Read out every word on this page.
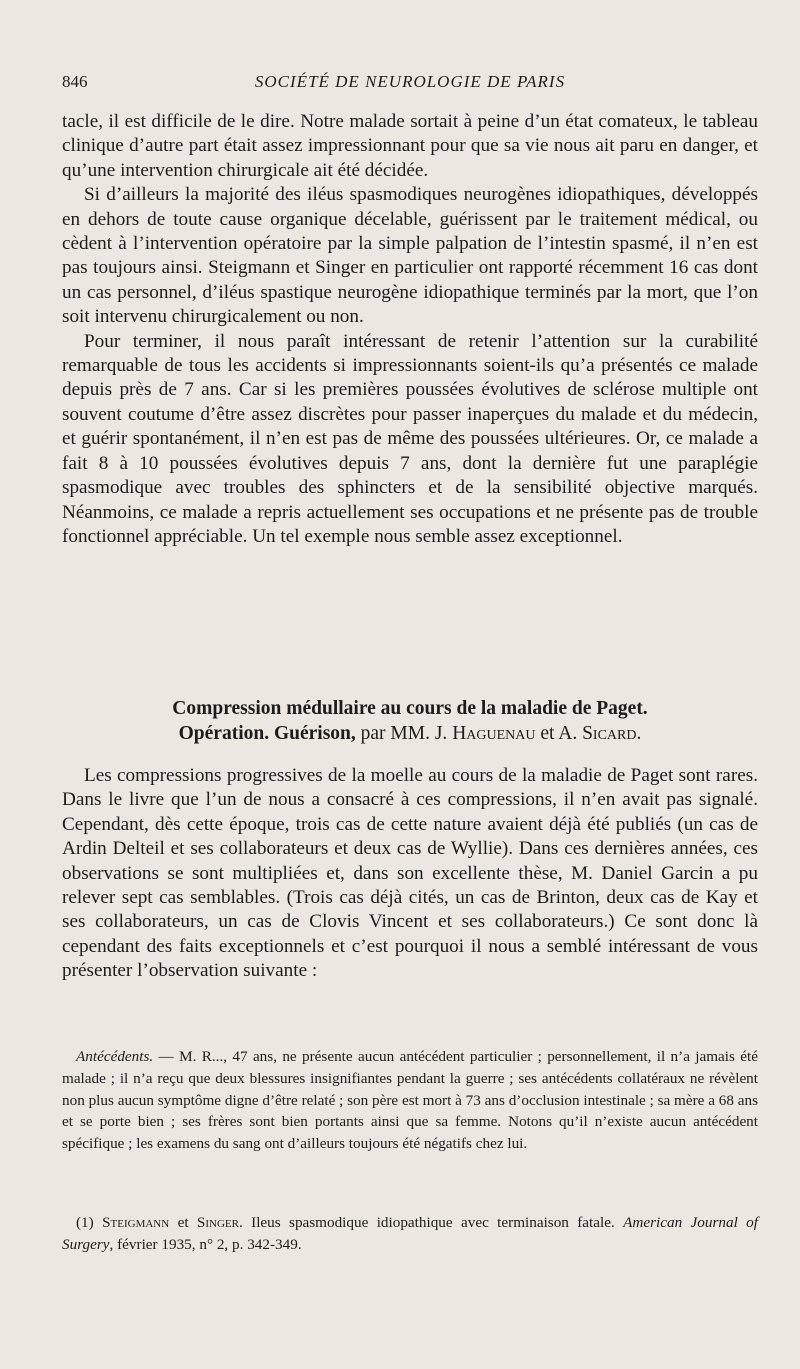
846	SOCIÉTÉ DE NEUROLOGIE DE PARIS

tacle, il est difficile de le dire. Notre malade sortait à peine d’un état comateux, le tableau clinique d’autre part était assez impressionnant pour que sa vie nous ait paru en danger, et qu’une intervention chirurgicale ait été décidée.

Si d’ailleurs la majorité des iléus spasmodiques neurogènes idiopathiques, développés en dehors de toute cause organique décelable, guérissent par le traitement médical, ou cèdent à l’intervention opératoire par la simple palpation de l’intestin spasmé, il n’en est pas toujours ainsi. Steigmann et Singer en particulier ont rapporté récemment 16 cas dont un cas personnel, d’iléus spastique neurogène idiopathique terminés par la mort, que l’on soit intervenu chirurgicalement ou non.

Pour terminer, il nous paraît intéressant de retenir l’attention sur la curabilité remarquable de tous les accidents si impressionnants soient-ils qu’a présentés ce malade depuis près de 7 ans. Car si les premières poussées évolutives de sclérose multiple ont souvent coutume d’être assez discrètes pour passer inaperçues du malade et du médecin, et guérir spontanément, il n’en est pas de même des poussées ultérieures. Or, ce malade a fait 8 à 10 poussées évolutives depuis 7 ans, dont la dernière fut une paraplégie spasmodique avec troubles des sphincters et de la sensibilité objective marqués. Néanmoins, ce malade a repris actuellement ses occupations et ne présente pas de trouble fonctionnel appréciable. Un tel exemple nous semble assez exceptionnel.

Compression médullaire au cours de la maladie de Paget.
Opération. Guérison, par MM. J. Haguenau et A. Sicard.

Les compressions progressives de la moelle au cours de la maladie de Paget sont rares. Dans le livre que l’un de nous a consacré à ces compressions, il n’en avait pas signalé. Cependant, dès cette époque, trois cas de cette nature avaient déjà été publiés (un cas de Ardin Delteil et ses collaborateurs et deux cas de Wyllie). Dans ces dernières années, ces observations se sont multipliées et, dans son excellente thèse, M. Daniel Garcin a pu relever sept cas semblables. (Trois cas déjà cités, un cas de Brinton, deux cas de Kay et ses collaborateurs, un cas de Clovis Vincent et ses collaborateurs.) Ce sont donc là cependant des faits exceptionnels et c’est pourquoi il nous a semblé intéressant de vous présenter l’observation suivante :

Antécédents. — M. R..., 47 ans, ne présente aucun antécédent particulier ; personnellement, il n’a jamais été malade ; il n’a reçu que deux blessures insignifiantes pendant la guerre ; ses antécédents collatéraux ne révèlent non plus aucun symptôme digne d’être relaté ; son père est mort à 73 ans d’occlusion intestinale ; sa mère a 68 ans et se porte bien ; ses frères sont bien portants ainsi que sa femme. Notons qu’il n’existe aucun antécédent spécifique ; les examens du sang ont d’ailleurs toujours été négatifs chez lui.

(1) Steigmann et Singer. Ileus spasmodique idiopathique avec terminaison fatale. American Journal of Surgery, février 1935, n° 2, p. 342-349.
